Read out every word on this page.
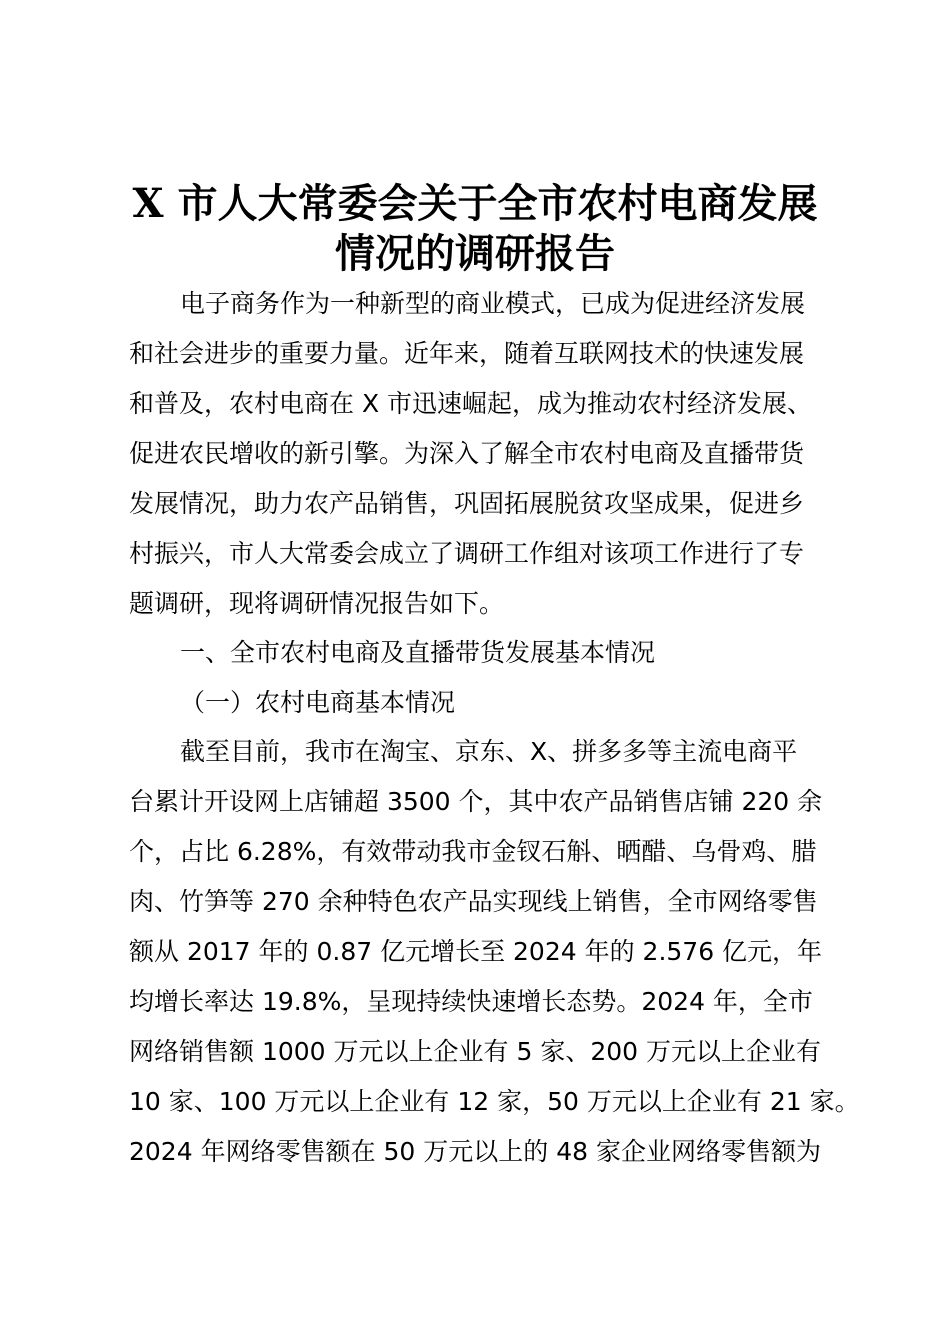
X 市人大常委会关于全市农村电商发展
情况的调研报告
电子商务作为一种新型的商业模式，已成为促进经济发展
和社会进步的重要力量。近年来，随着互联网技术的快速发展
和普及，农村电商在 X 市迅速崛起，成为推动农村经济发展、
促进农民增收的新引擎。为深入了解全市农村电商及直播带货
发展情况，助力农产品销售，巩固拓展脱贫攻坚成果，促进乡
村振兴，市人大常委会成立了调研工作组对该项工作进行了专
题调研，现将调研情况报告如下。
一、全市农村电商及直播带货发展基本情况
（一）农村电商基本情况
截至目前，我市在淘宝、京东、X、拼多多等主流电商平
台累计开设网上店铺超 3500 个，其中农产品销售店铺 220 余
个，占比 6.28%，有效带动我市金钗石斛、晒醋、乌骨鸡、腊
肉、竹笋等 270 余种特色农产品实现线上销售，全市网络零售
额从 2017 年的 0.87 亿元增长至 2024 年的 2.576 亿元，年
均增长率达 19.8%，呈现持续快速增长态势。2024 年，全市
网络销售额 1000 万元以上企业有 5 家、200 万元以上企业有
10 家、100 万元以上企业有 12 家，50 万元以上企业有 21 家。
2024 年网络零售额在 50 万元以上的 48 家企业网络零售额为
